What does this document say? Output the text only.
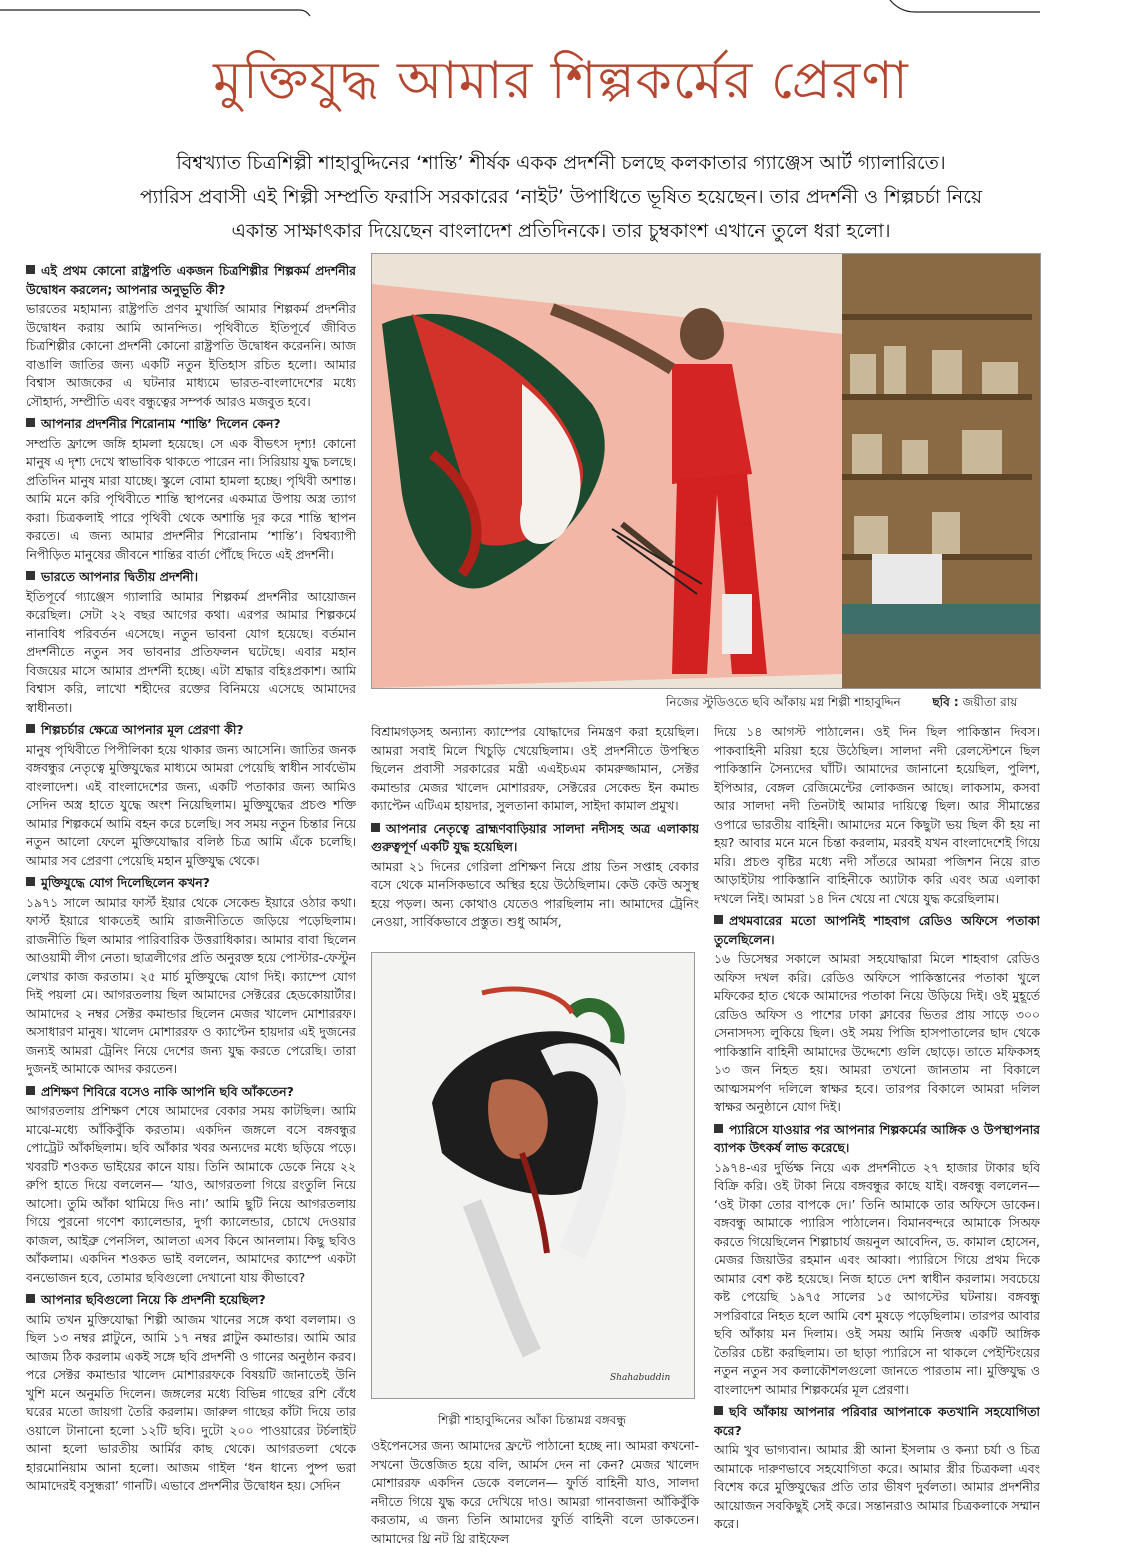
মুক্তিযুদ্ধ আমার শিল্পকর্মের প্রেরণা
বিশ্বখ্যাত চিত্রশিল্পী শাহাবুদ্দিনের ‘শান্তি’ শীর্ষক একক প্রদর্শনী চলছে কলকাতার গ্যাঞ্জেস আর্ট গ্যালারিতে।
প্যারিস প্রবাসী এই শিল্পী সম্প্রতি ফরাসি সরকারের ‘নাইট’ উপাধিতে ভূষিত হয়েছেন। তার প্রদর্শনী ও শিল্পচর্চা নিয়ে
একান্ত সাক্ষাৎকার দিয়েছেন বাংলাদেশ প্রতিদিনকে। তার চুম্বকাংশ এখানে তুলে ধরা হলো।
এই প্রথম কোনো রাষ্ট্রপতি একজন চিত্রশিল্পীর শিল্পকর্ম প্রদর্শনীর উদ্বোধন করলেন; আপনার অনুভূতি কী?

ভারতের মহামান্য রাষ্ট্রপতি প্রণব মুখার্জি আমার শিল্পকর্ম প্রদর্শনীর উদ্বোধন করায় আমি আনন্দিত। পৃথিবীতে ইতিপূর্বে জীবিত চিত্রশিল্পীর কোনো প্রদর্শনী কোনো রাষ্ট্রপতি উদ্বোধন করেননি। আজ বাঙালি জাতির জন্য একটি নতুন ইতিহাস রচিত হলো। আমার বিশ্বাস আজকের এ ঘটনার মাধ্যমে ভারত-বাংলাদেশের মধ্যে সৌহার্দ্য, সম্প্রীতি এবং বন্ধুত্বের সম্পর্ক আরও মজবুত হবে।

আপনার প্রদর্শনীর শিরোনাম ‘শান্তি’ দিলেন কেন?

সম্প্রতি ফ্রান্সে জঙ্গি হামলা হয়েছে। সে এক বীভৎস দৃশ্য! কোনো মানুষ এ দৃশ্য দেখে স্বাভাবিক থাকতে পারেন না। সিরিয়ায় যুদ্ধ চলছে। প্রতিদিন মানুষ মারা যাচ্ছে। স্কুলে বোমা হামলা হচ্ছে। পৃথিবী অশান্ত। আমি মনে করি পৃথিবীতে শান্তি স্থাপনের একমাত্র উপায় অস্ত্র ত্যাগ করা। চিত্রকলাই পারে পৃথিবী থেকে অশান্তি দূর করে শান্তি স্থাপন করতে। এ জন্য আমার প্রদর্শনীর শিরোনাম ‘শান্তি’। বিশ্বব্যাপী নিপীড়িত মানুষের জীবনে শান্তির বার্তা পৌঁছে দিতে এই প্রদর্শনী।

ভারতে আপনার দ্বিতীয় প্রদর্শনী।

ইতিপূর্বে গ্যাঞ্জেস গ্যালারি আমার শিল্পকর্ম প্রদর্শনীর আয়োজন করেছিল। সেটা ২২ বছর আগের কথা। এরপর আমার শিল্পকর্মে নানাবিধ পরিবর্তন এসেছে। নতুন ভাবনা যোগ হয়েছে। বর্তমান প্রদর্শনীতে নতুন সব ভাবনার প্রতিফলন ঘটেছে। এবার মহান বিজয়ের মাসে আমার প্রদর্শনী হচ্ছে। এটা শ্রদ্ধার বহিঃপ্রকাশ। আমি বিশ্বাস করি, লাখো শহীদের রক্তের বিনিময়ে এসেছে আমাদের স্বাধীনতা।

শিল্পচর্চার ক্ষেত্রে আপনার মূল প্রেরণা কী?

মানুষ পৃথিবীতে পিপীলিকা হয়ে থাকার জন্য আসেনি। জাতির জনক বঙ্গবন্ধুর নেতৃত্বে মুক্তিযুদ্ধের মাধ্যমে আমরা পেয়েছি স্বাধীন সার্বভৌম বাংলাদেশ। এই বাংলাদেশের জন্য, একটি পতাকার জন্য আমিও সেদিন অস্ত্র হাতে যুদ্ধে অংশ নিয়েছিলাম। মুক্তিযুদ্ধের প্রচণ্ড শক্তি আমার শিল্পকর্মে আমি বহন করে চলেছি। সব সময় নতুন চিন্তার নিয়ে নতুন আলো ফেলে মুক্তিযোদ্ধার বলিষ্ঠ চিত্র আমি এঁকে চলেছি। আমার সব প্রেরণা পেয়েছি মহান মুক্তিযুদ্ধ থেকে।

মুক্তিযুদ্ধে যোগ দিলেছিলেন কখন?

১৯৭১ সালে আমার ফার্স্ট ইয়ার থেকে সেকেন্ড ইয়ারে ওঠার কথা। ফার্স্ট ইয়ারে থাকতেই আমি রাজনীতিতে জড়িয়ে পড়েছিলাম। রাজনীতি ছিল আমার পারিবারিক উত্তরাধিকার। আমার বাবা ছিলেন আওয়ামী লীগ নেতা। ছাত্রলীগের প্রতি অনুরক্ত হয়ে পোস্টার-ফেস্টুন লেখার কাজ করতাম। ২৫ মার্চ মুক্তিযুদ্ধে যোগ দিই। ক্যাম্পে যোগ দিই পয়লা মে। আগরতলায় ছিল আমাদের সেক্টরের হেডকোয়ার্টার। আমাদের ২ নম্বর সেক্টর কমান্ডার ছিলেন মেজর খালেদ মোশাররফ। অসাধারণ মানুষ। খালেদ মোশাররফ ও ক্যাপ্টেন হায়দার এই দুজনের জন্যই আমরা ট্রেনিং নিয়ে দেশের জন্য যুদ্ধ করতে পেরেছি। তারা দুজনই আমাকে আদর করতেন।

প্রশিক্ষণ শিবিরে বসেও নাকি আপনি ছবি আঁকতেন?

আগরতলায় প্রশিক্ষণ শেষে আমাদের বেকার সময় কাটছিল। আমি মাঝে-মধ্যে আঁকিবুঁকি করতাম। একদিন জঙ্গলে বসে বঙ্গবন্ধুর পোট্রেট আঁকছিলাম। ছবি আঁকার খবর অন্যদের মধ্যে ছড়িয়ে পড়ে। খবরটি শওকত ভাইয়ের কানে যায়। তিনি আমাকে ডেকে নিয়ে ২২ রুপি হাতে দিয়ে বললেন— ‘যাও, আগরতলা গিয়ে রংতুলি নিয়ে আসো। তুমি আঁকা থামিয়ে দিও না।’ আমি ছুটি নিয়ে আগরতলায় গিয়ে পুরনো গণেশ ক্যালেন্ডার, দুর্গা ক্যালেন্ডার, চোখে দেওয়ার কাজল, আইব্রু পেনসিল, আলতা এসব কিনে আনলাম। কিছু ছবিও আঁকলাম। একদিন শওকত ভাই বললেন, আমাদের ক্যাম্পে একটা বনভোজন হবে, তোমার ছবিগুলো দেখানো যায় কীভাবে?

আপনার ছবিগুলো নিয়ে কি প্রদর্শনী হয়েছিল?

আমি তখন মুক্তিযোদ্ধা শিল্পী আজম খানের সঙ্গে কথা বললাম। ও ছিল ১৩ নম্বর প্লাটুনে, আমি ১৭ নম্বর প্লাটুন কমান্ডার। আমি আর আজম ঠিক করলাম একই সঙ্গে ছবি প্রদর্শনী ও গানের অনুষ্ঠান করব। পরে সেক্টর কমান্ডার খালেদ মোশাররফকে বিষয়টি জানাতেই উনি খুশি মনে অনুমতি দিলেন। জঙ্গলের মধ্যে বিভিন্ন গাছের রশি বেঁধে ঘরের মতো জায়গা তৈরি করলাম। জারুল গাছের কাঁটা দিয়ে তার ওয়ালে টানানো হলো ১২টি ছবি। দুটো ২০০ পাওয়ারের টর্চলাইট আনা হলো ভারতীয় আর্মির কাছ থেকে। আগরতলা থেকে হারমোনিয়াম আনা হলো। আজম গাইল ‘ধন ধান্যে পুষ্প ভরা আমাদেরই বসুন্ধরা’ গানটি। এভাবে প্রদর্শনীর উদ্বোধন হয়। সেদিন

নিজের স্টুডিওতে ছবি আঁকায় মগ্ন শিল্পী শাহাবুদ্দিন	ছবি : জয়ীতা রায়

বিশ্রামগড়সহ অন্যান্য ক্যাম্পের যোদ্ধাদের নিমন্ত্রণ করা হয়েছিল। আমরা সবাই মিলে খিচুড়ি খেয়েছিলাম। ওই প্রদর্শনীতে উপস্থিত ছিলেন প্রবাসী সরকারের মন্ত্রী এএইচএম কামরুজ্জামান, সেক্টর কমান্ডার মেজর খালেদ মোশাররফ, সেক্টরের সেকেন্ড ইন কমান্ড ক্যাপ্টেন এটিএম হায়দার, সুলতানা কামাল, সাইদা কামাল প্রমুখ।

আপনার নেতৃত্বে ব্রাহ্মণবাড়িয়ার সালদা নদীসহ অত্র এলাকায় গুরুত্বপূর্ণ একটি যুদ্ধ হয়েছিল।

আমরা ২১ দিনের গেরিলা প্রশিক্ষণ নিয়ে প্রায় তিন সপ্তাহ বেকার বসে থেকে মানসিকভাবে অস্থির হয়ে উঠেছিলাম। কেউ কেউ অসুস্থ হয়ে পড়ল। অন্য কোথাও যেতেও পারছিলাম না। আমাদের ট্রেনিং নেওয়া, সার্বিকভাবে প্রস্তুত। শুধু আর্মস,

Shahabuddin
শিল্পী শাহাবুদ্দিনের আঁকা চিন্তামগ্ন বঙ্গবন্ধু

ওইপেনসের জন্য আমাদের ফ্রন্টে পাঠানো হচ্ছে না। আমরা কখনো-সখনো উত্তেজিত হয়ে বলি, আর্মস দেন না কেন? মেজর খালেদ মোশাররফ একদিন ডেকে বললেন— ফুর্তি বাহিনী যাও, সালদা নদীতে গিয়ে যুদ্ধ করে দেখিয়ে দাও। আমরা গানবাজনা আঁকিবুঁকি করতাম, এ জন্য তিনি আমাদের ফুর্তি বাহিনী বলে ডাকতেন। আমাদের থ্রি নট থ্রি রাইফেল

দিয়ে ১৪ আগস্ট পাঠালেন। ওই দিন ছিল পাকিস্তান দিবস। পাকবাহিনী মরিয়া হয়ে উঠেছিল। সালদা নদী রেলস্টেশনে ছিল পাকিস্তানি সৈন্যদের ঘাঁটি। আমাদের জানানো হয়েছিল, পুলিশ, ইপিআর, বেঙ্গল রেজিমেন্টের লোকজন আছে। লাকসাম, কসবা আর সালদা নদী তিনটাই আমার দায়িত্বে ছিল। আর সীমান্তের ওপারে ভারতীয় বাহিনী। আমাদের মনে কিছুটা ভয় ছিল কী হয় না হয়? আবার মনে মনে চিন্তা করলাম, মরবই যখন বাংলাদেশেই গিয়ে মরি। প্রচণ্ড বৃষ্টির মধ্যে নদী সাঁতরে আমরা পজিশন নিয়ে রাত আড়াইটায় পাকিস্তানি বাহিনীকে অ্যাটাক করি এবং অত্র এলাকা দখলে নিই। আমরা ১৪ দিন খেয়ে না খেয়ে যুদ্ধ করেছিলাম।

প্রথমবারের মতো আপনিই শাহবাগ রেডিও অফিসে পতাকা তুলেছিলেন।

১৬ ডিসেম্বর সকালে আমরা সহযোদ্ধারা মিলে শাহবাগ রেডিও অফিস দখল করি। রেডিও অফিসে পাকিস্তানের পতাকা খুলে মফিকের হাত থেকে আমাদের পতাকা নিয়ে উড়িয়ে দিই। ওই মুহূর্তে রেডিও অফিস ও পাশের ঢাকা ক্লাবের ভিতর প্রায় সাড়ে ৩০০ সেনাসদস্য লুকিয়ে ছিল। ওই সময় পিজি হাসপাতালের ছাদ থেকে পাকিস্তানি বাহিনী আমাদের উদ্দেশ্যে গুলি ছোড়ে। তাতে মফিকসহ ১৩ জন নিহত হয়। আমরা তখনো জানতাম না বিকালে আত্মসমর্পণ দলিলে স্বাক্ষর হবে। তারপর বিকালে আমরা দলিল স্বাক্ষর অনুষ্ঠানে যোগ দিই।

প্যারিসে যাওয়ার পর আপনার শিল্পকর্মের আঙ্গিক ও উপস্থাপনার ব্যাপক উৎকর্ষ লাভ করেছে।

১৯৭৪-এর দুর্ভিক্ষ নিয়ে এক প্রদর্শনীতে ২৭ হাজার টাকার ছবি বিক্রি করি। ওই টাকা নিয়ে বঙ্গবন্ধুর কাছে যাই। বঙ্গবন্ধু বললেন— ‘ওই টাকা তোর বাপকে দে।’ তিনি আমাকে তার অফিসে ডাকেন। বঙ্গবন্ধু আমাকে প্যারিস পাঠালেন। বিমানবন্দরে আমাকে সিঅফ করতে গিয়েছিলেন শিল্পাচার্য জয়নুল আবেদিন, ড. কামাল হোসেন, মেজর জিয়াউর রহমান এবং আব্বা। প্যারিসে গিয়ে প্রথম দিকে আমার বেশ কষ্ট হয়েছে। নিজ হাতে দেশ স্বাধীন করলাম। সবচেয়ে কষ্ট পেয়েছি ১৯৭৫ সালের ১৫ আগস্টের ঘটনায়। বঙ্গবন্ধু সপরিবারে নিহত হলে আমি বেশ মুষড়ে পড়েছিলাম। তারপর আবার ছবি আঁকায় মন দিলাম। ওই সময় আমি নিজস্ব একটি আঙ্গিক তৈরির চেষ্টা করছিলাম। তা ছাড়া প্যারিসে না থাকলে পেইন্টিংয়ের নতুন নতুন সব কলাকৌশলগুলো জানতে পারতাম না। মুক্তিযুদ্ধ ও বাংলাদেশ আমার শিল্পকর্মের মূল প্রেরণা।

ছবি আঁকায় আপনার পরিবার আপনাকে কতখানি সহযোগিতা করে?

আমি খুব ভাগ্যবান। আমার স্ত্রী আনা ইসলাম ও কন্যা চর্যা ও চিত্র আমাকে দারুণভাবে সহযোগিতা করে। আমার স্ত্রীর চিত্রকলা এবং বিশেষ করে মুক্তিযুদ্ধের প্রতি তার ভীষণ দুর্বলতা। আমার প্রদর্শনীর আয়োজন সবকিছুই সেই করে। সন্তানরাও আমার চিত্রকলাকে সম্মান করে।
